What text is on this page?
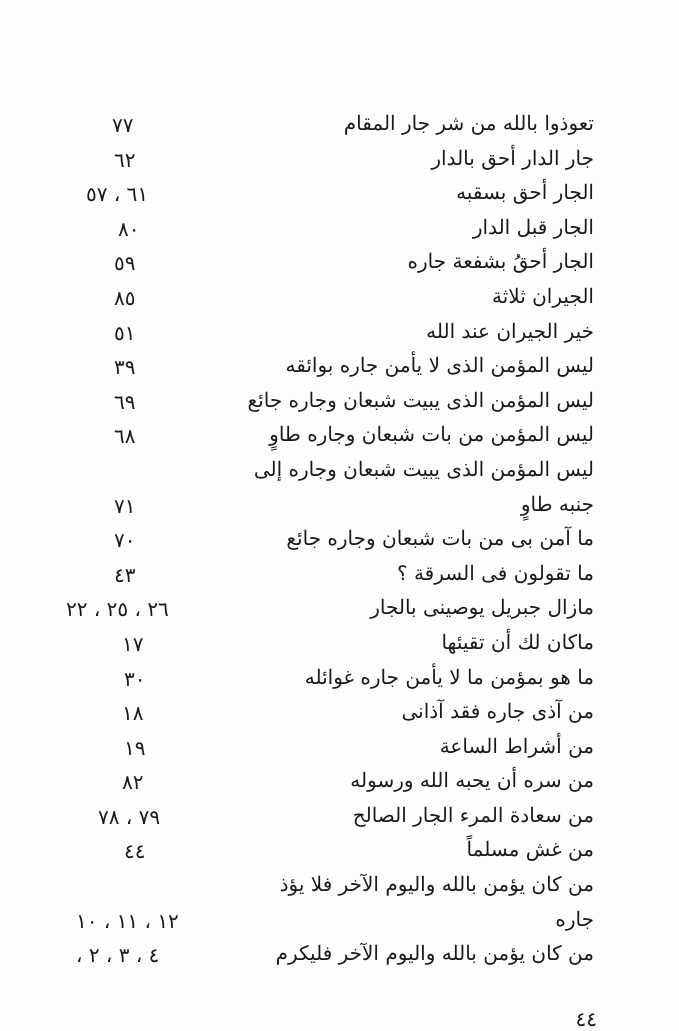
تعوذوا بالله من شر جار المقام
٧٧
جار الدار أحق بالدار
٦٢
الجار أحق بسقبه
٦١ ، ٥٧
الجار قبل الدار
٨٠
الجار أحقُ بشفعة جاره
٥٩
الجيران ثلاثة
٨٥
خير الجيران عند الله
٥١
ليس المؤمن الذى لا يأمن جاره بوائقه
٣٩
ليس المؤمن الذى يبيت شبعان وجاره جائع
٦٩
ليس المؤمن من بات شبعان وجاره طاوٍ
٦٨
ليس المؤمن الذى يبيت شبعان وجاره إلى
جنبه طاوٍ
٧١
ما آمن بى من بات شبعان وجاره جائع
٧٠
ما تقولون فى السرقة ؟
٤٣
مازال جبريل يوصينى بالجار
٢٦ ، ٢٥ ، ٢٢
ماكان لك أن تقيئها
١٧
ما هو بمؤمن ما لا يأمن جاره غوائله
٣٠
من آذى جاره فقد آذانى
١٨
من أشراط الساعة
١٩
من سره أن يحبه الله ورسوله
٨٢
من سعادة المرء الجار الصالح
٧٩ ، ٧٨
من غش مسلماً
٤٤
من كان يؤمن بالله واليوم الآخر فلا يؤذ
جاره
١٢ ، ١١ ، ١٠
من كان يؤمن بالله واليوم الآخر فليكرم
٤ ، ٣ ، ٢ ،
٤٤
